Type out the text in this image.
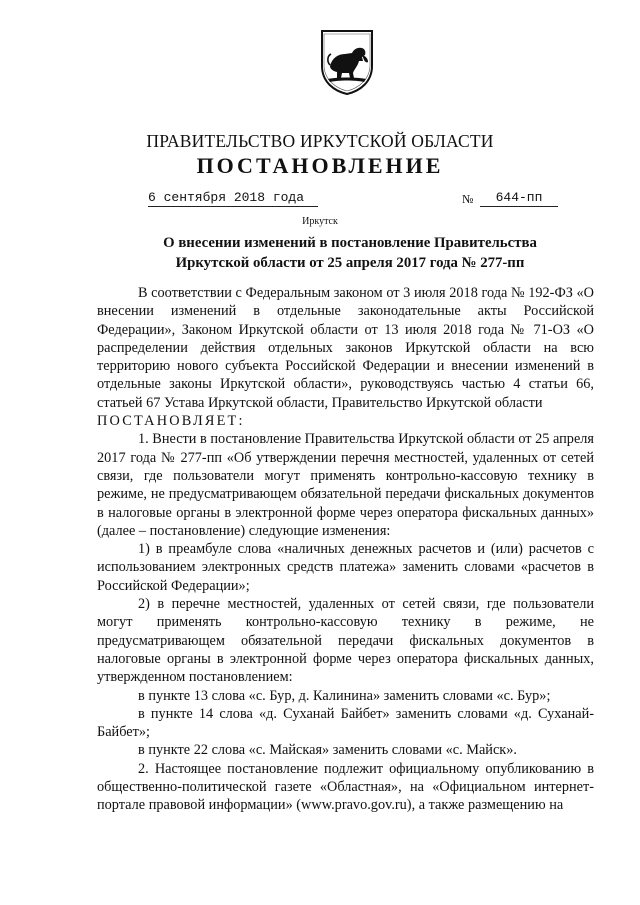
ПРАВИТЕЛЬСТВО ИРКУТСКОЙ ОБЛАСТИ
ПОСТАНОВЛЕНИЕ
6 сентября 2018 года	№	644-пп
Иркутск
О внесении изменений в постановление Правительства Иркутской области от 25 апреля 2017 года № 277-пп

В соответствии с Федеральным законом от 3 июля 2018 года № 192-ФЗ «О внесении изменений в отдельные законодательные акты Российской Федерации», Законом Иркутской области от 13 июля 2018 года № 71-ОЗ «О распределении действия отдельных законов Иркутской области на всю территорию нового субъекта Российской Федерации и внесении изменений в отдельные законы Иркутской области», руководствуясь частью 4 статьи 66, статьей 67 Устава Иркутской области, Правительство Иркутской области

ПОСТАНОВЛЯЕТ:

1. Внести в постановление Правительства Иркутской области от 25 апреля 2017 года № 277-пп «Об утверждении перечня местностей, удаленных от сетей связи, где пользователи могут применять контрольно-кассовую технику в режиме, не предусматривающем обязательной передачи фискальных документов в налоговые органы в электронной форме через оператора фискальных данных» (далее – постановление) следующие изменения:

1) в преамбуле слова «наличных денежных расчетов и (или) расчетов с использованием электронных средств платежа» заменить словами «расчетов в Российской Федерации»;

2) в перечне местностей, удаленных от сетей связи, где пользователи могут применять контрольно-кассовую технику в режиме, не предусматривающем обязательной передачи фискальных документов в налоговые органы в электронной форме через оператора фискальных данных, утвержденном постановлением:

в пункте 13 слова «с. Бур, д. Калинина» заменить словами «с. Бур»;

в пункте 14 слова «д. Суханай Байбет» заменить словами «д. Суханай-Байбет»;

в пункте 22 слова «с. Майская» заменить словами «с. Майск».

2. Настоящее постановление подлежит официальному опубликованию в общественно-политической газете «Областная», на «Официальном интернет-портале правовой информации» (www.pravo.gov.ru), а также размещению на
